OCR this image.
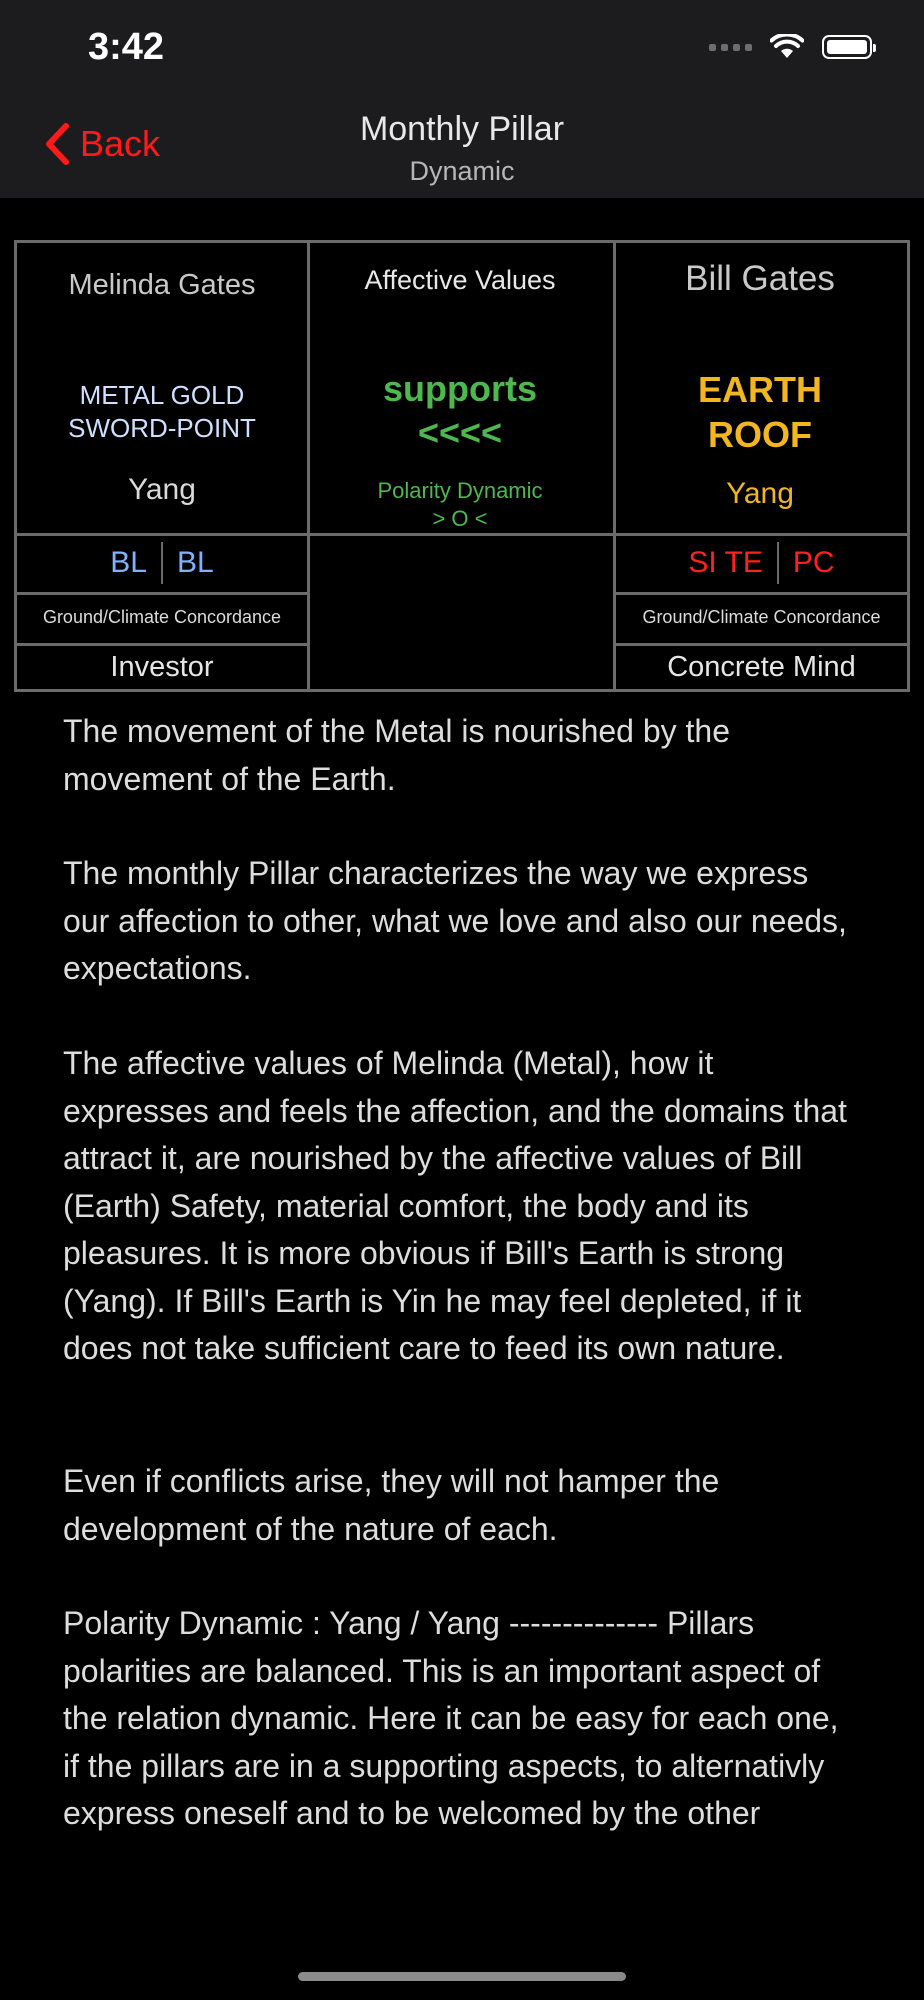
3:42
Back	Monthly Pillar
Dynamic
Melinda Gates
METAL GOLD
SWORD-POINT
Yang
BL BL
Ground/Climate Concordance
Investor
Affective Values
supports
<<<<
Polarity Dynamic
> O <
Bill Gates
EARTH
ROOF
Yang
SI TE PC
Ground/Climate Concordance
Concrete Mind

The movement of the Metal is nourished by the movement of the Earth.

The monthly Pillar characterizes the way we express our affection to other, what we love and also our needs, expectations.

The affective values of Melinda (Metal), how it expresses and feels the affection, and the domains that attract it, are nourished by the affective values of Bill (Earth) Safety, material comfort, the body and its pleasures. It is more obvious if Bill's Earth is strong (Yang). If Bill's Earth is Yin he may feel depleted, if it does not take sufficient care to feed its own nature.

Even if conflicts arise, they will not hamper the development of the nature of each.

Polarity Dynamic : Yang / Yang -------------- Pillars polarities are balanced. This is an important aspect of the relation dynamic. Here it can be easy for each one, if the pillars are in a supporting aspects, to alternativly express oneself and to be welcomed by the other
